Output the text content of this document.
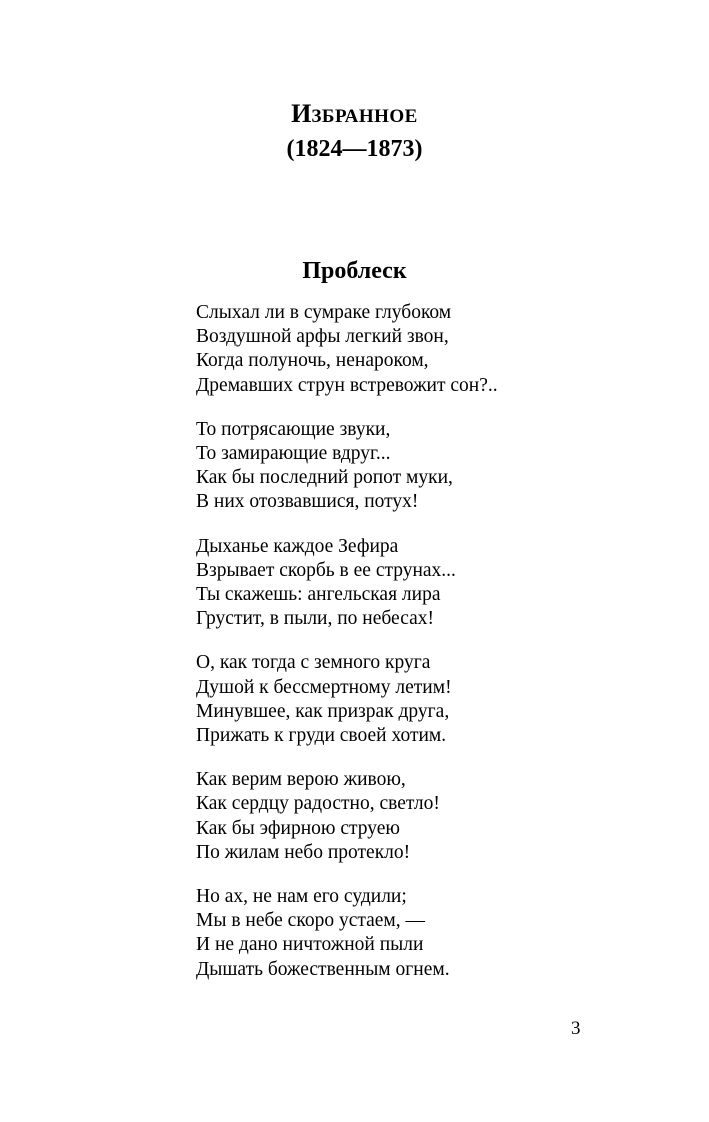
ИЗБРАННОЕ
(1824—1873)
Проблеск
Слыхал ли в сумраке глубоком
Воздушной арфы легкий звон,
Когда полуночь, ненароком,
Дремавших струн встревожит сон?..
То потрясающие звуки,
То замирающие вдруг...
Как бы последний ропот муки,
В них отозвавшися, потух!
Дыханье каждое Зефира
Взрывает скорбь в ее струнах...
Ты скажешь: ангельская лира
Грустит, в пыли, по небесах!
О, как тогда с земного круга
Душой к бессмертному летим!
Минувшее, как призрак друга,
Прижать к груди своей хотим.
Как верим верою живою,
Как сердцу радостно, светло!
Как бы эфирною струею
По жилам небо протекло!
Но ах, не нам его судили;
Мы в небе скоро устаем, —
И не дано ничтожной пыли
Дышать божественным огнем.
3
